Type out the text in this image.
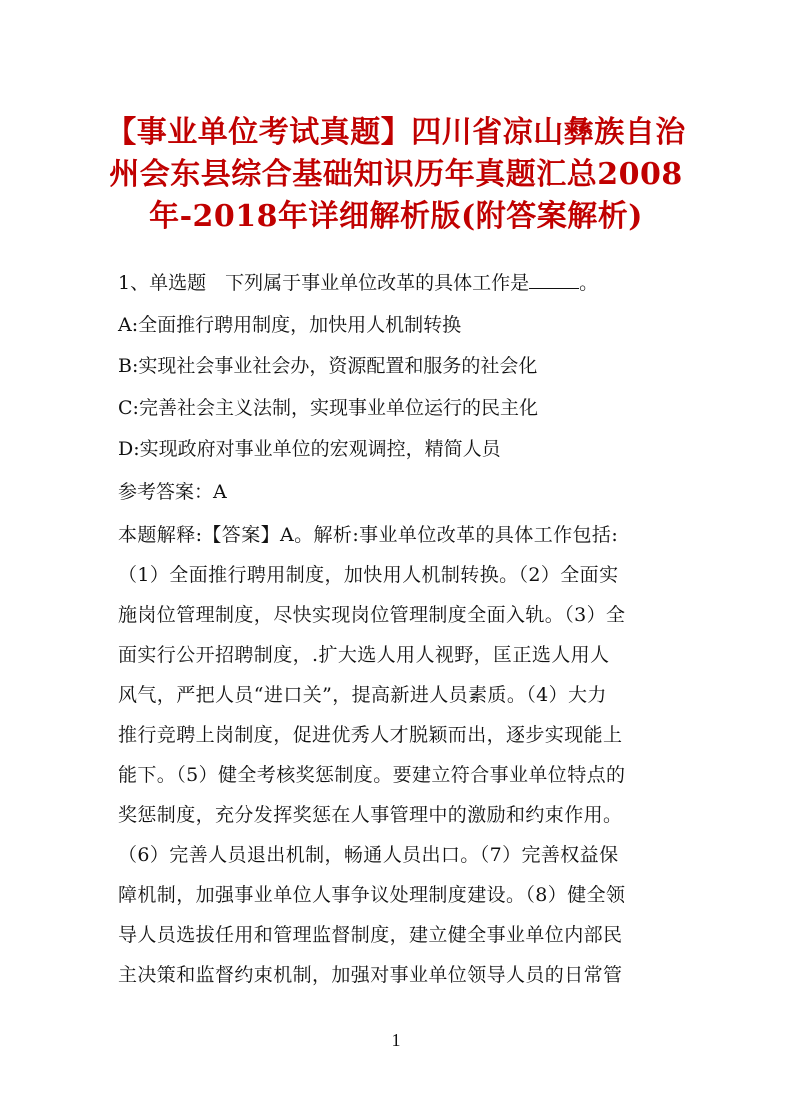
【事业单位考试真题】四川省凉山彝族自治
州会东县综合基础知识历年真题汇总2008
年-2018年详细解析版(附答案解析)
1、单选题　下列属于事业单位改革的具体工作是	。
A:全面推行聘用制度，加快用人机制转换
B:实现社会事业社会办，资源配置和服务的社会化
C:完善社会主义法制，实现事业单位运行的民主化
D:实现政府对事业单位的宏观调控，精简人员
参考答案：A
本题解释:【答案】A。解析:事业单位改革的具体工作包括:
（1）全面推行聘用制度，加快用人机制转换。（2）全面实
施岗位管理制度，尽快实现岗位管理制度全面入轨。（3）全
面实行公开招聘制度，.扩大选人用人视野，匡正选人用人
风气，严把人员“进口关”，提高新进人员素质。（4）大力
推行竞聘上岗制度，促进优秀人才脱颖而出，逐步实现能上
能下。（5）健全考核奖惩制度。要建立符合事业单位特点的
奖惩制度，充分发挥奖惩在人事管理中的激励和约束作用。
（6）完善人员退出机制，畅通人员出口。（7）完善权益保
障机制，加强事业单位人事争议处理制度建设。（8）健全领
导人员选拔任用和管理监督制度，建立健全事业单位内部民
主决策和监督约束机制，加强对事业单位领导人员的日常管
1
